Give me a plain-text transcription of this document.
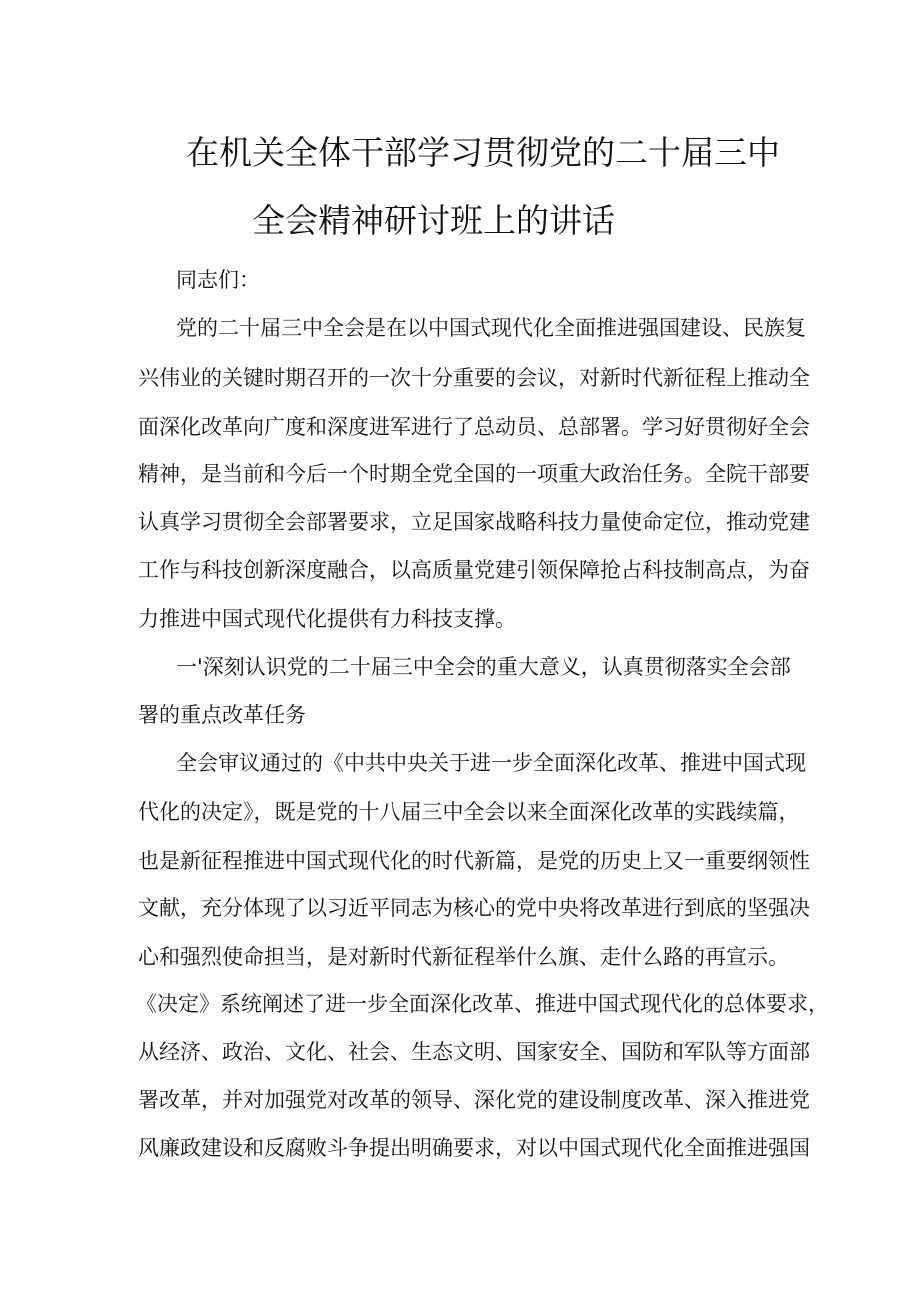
在机关全体干部学习贯彻党的二十届三中
全会精神研讨班上的讲话
同志们：
党的二十届三中全会是在以中国式现代化全面推进强国建设、民族复
兴伟业的关键时期召开的一次十分重要的会议，对新时代新征程上推动全
面深化改革向广度和深度进军进行了总动员、总部署。学习好贯彻好全会
精神，是当前和今后一个时期全党全国的一项重大政治任务。全院干部要
认真学习贯彻全会部署要求，立足国家战略科技力量使命定位，推动党建
工作与科技创新深度融合，以高质量党建引领保障抢占科技制高点，为奋
力推进中国式现代化提供有力科技支撑。
一'深刻认识党的二十届三中全会的重大意义，认真贯彻落实全会部
署的重点改革任务
全会审议通过的《中共中央关于进一步全面深化改革、推进中国式现
代化的决定》，既是党的十八届三中全会以来全面深化改革的实践续篇，
也是新征程推进中国式现代化的时代新篇，是党的历史上又一重要纲领性
文献，充分体现了以习近平同志为核心的党中央将改革进行到底的坚强决
心和强烈使命担当，是对新时代新征程举什么旗、走什么路的再宣示。
《决定》系统阐述了进一步全面深化改革、推进中国式现代化的总体要求，
从经济、政治、文化、社会、生态文明、国家安全、国防和军队等方面部
署改革，并对加强党对改革的领导、深化党的建设制度改革、深入推进党
风廉政建设和反腐败斗争提出明确要求，对以中国式现代化全面推进强国
